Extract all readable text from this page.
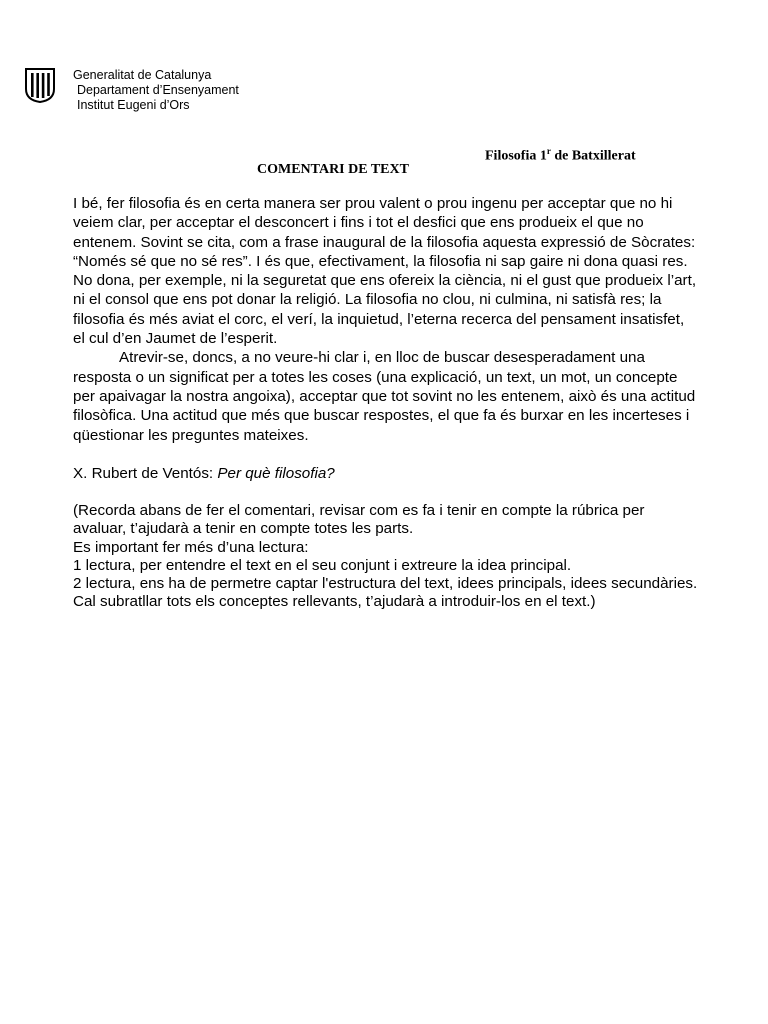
Generalitat de Catalunya
Departament d’Ensenyament
Institut Eugeni d’Ors
Filosofia 1$^r$ de Batxillerat
COMENTARI DE TEXT

I bé, fer filosofia és en certa manera ser prou valent o prou ingenu per acceptar que no hi veiem clar, per acceptar el desconcert i fins i tot el desfici que ens produeix el que no entenem. Sovint se cita, com a frase inaugural de la filosofia aquesta expressió de Sòcrates: “Només sé que no sé res”. I és que, efectivament, la filosofia ni sap gaire ni dona quasi res. No dona, per exemple, ni la seguretat que ens ofereix la ciència, ni el gust que produeix l’art, ni el consol que ens pot donar la religió. La filosofia no clou, ni culmina, ni satisfà res; la filosofia és més aviat el corc, el verí, la inquietud, l’eterna recerca del pensament insatisfet, el cul d’en Jaumet de l’esperit.

Atrevir-se, doncs, a no veure-hi clar i, en lloc de buscar desesperadament una resposta o un significat per a totes les coses (una explicació, un text, un mot, un concepte per apaivagar la nostra angoixa), acceptar que tot sovint no les entenem, això és una actitud filosòfica. Una actitud que més que buscar respostes, el que fa és burxar en les incerteses i qüestionar les preguntes mateixes.

X. Rubert de Ventós: Per què filosofia?

(Recorda abans de fer el comentari, revisar com es fa i tenir en compte la rúbrica per avaluar, t’ajudarà a tenir en compte totes les parts.

Es important fer més d’una lectura:

1 lectura, per entendre el text en el seu conjunt i extreure la idea principal.

2 lectura, ens ha de permetre captar l'estructura del text, idees principals, idees secundàries.

Cal subratllar tots els conceptes rellevants, t’ajudarà a introduir-los en el text.)
